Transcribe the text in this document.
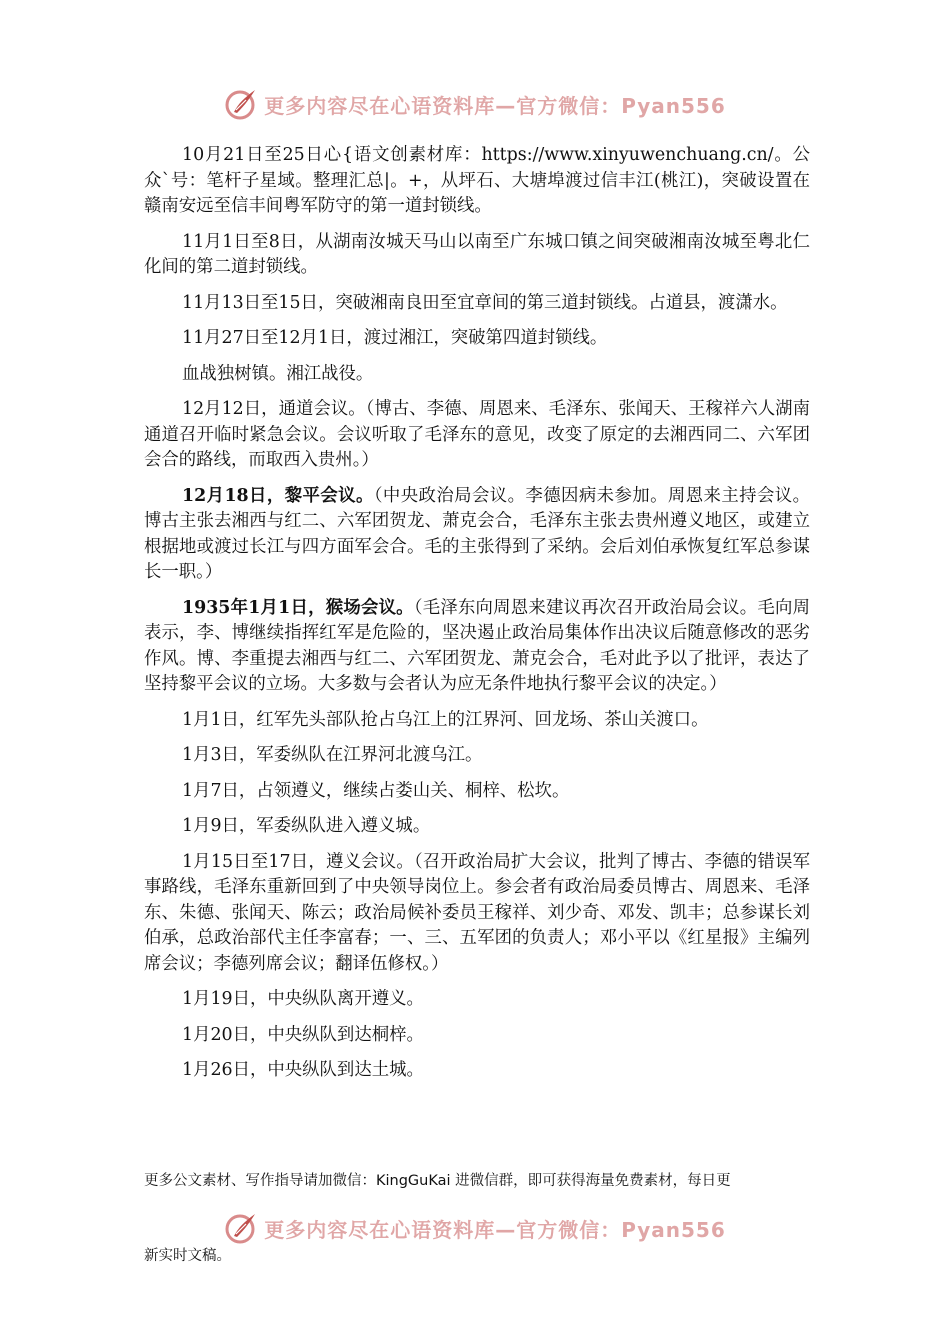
更多内容尽在心语资料库—官方微信：Pyan556

10月21日至25日心{语文创素材库：https://www.xinyuwenchuang.cn/。公众`号：笔杆子星域。整理汇总|。+，从坪石、大塘埠渡过信丰江(桃江)，突破设置在赣南安远至信丰间粤军防守的第一道封锁线。

11月1日至8日，从湖南汝城天马山以南至广东城口镇之间突破湘南汝城至粤北仁化间的第二道封锁线。

11月13日至15日，突破湘南良田至宜章间的第三道封锁线。占道县，渡潇水。

11月27日至12月1日，渡过湘江，突破第四道封锁线。

血战独树镇。湘江战役。

12月12日，通道会议。（博古、李德、周恩来、毛泽东、张闻天、王稼祥六人湖南通道召开临时紧急会议。会议听取了毛泽东的意见，改变了原定的去湘西同二、六军团会合的路线，而取西入贵州。）

12月18日，黎平会议。（中央政治局会议。李德因病未参加。周恩来主持会议。博古主张去湘西与红二、六军团贺龙、萧克会合，毛泽东主张去贵州遵义地区，或建立根据地或渡过长江与四方面军会合。毛的主张得到了采纳。会后刘伯承恢复红军总参谋长一职。）

1935年1月1日，猴场会议。（毛泽东向周恩来建议再次召开政治局会议。毛向周表示，李、博继续指挥红军是危险的，坚决遏止政治局集体作出决议后随意修改的恶劣作风。博、李重提去湘西与红二、六军团贺龙、萧克会合，毛对此予以了批评，表达了坚持黎平会议的立场。大多数与会者认为应无条件地执行黎平会议的决定。）

1月1日，红军先头部队抢占乌江上的江界河、回龙场、茶山关渡口。

1月3日，军委纵队在江界河北渡乌江。

1月7日，占领遵义，继续占娄山关、桐梓、松坎。

1月9日，军委纵队进入遵义城。

1月15日至17日，遵义会议。（召开政治局扩大会议，批判了博古、李德的错误军事路线，毛泽东重新回到了中央领导岗位上。参会者有政治局委员博古、周恩来、毛泽东、朱德、张闻天、陈云；政治局候补委员王稼祥、刘少奇、邓发、凯丰；总参谋长刘伯承，总政治部代主任李富春；一、三、五军团的负责人；邓小平以《红星报》主编列席会议；李德列席会议；翻译伍修权。）

1月19日，中央纵队离开遵义。

1月20日，中央纵队到达桐梓。

1月26日，中央纵队到达土城。

更多公文素材、写作指导请加微信：KingGuKai 进微信群，即可获得海量免费素材，每日更
更多内容尽在心语资料库—官方微信：Pyan556
新实时文稿。
